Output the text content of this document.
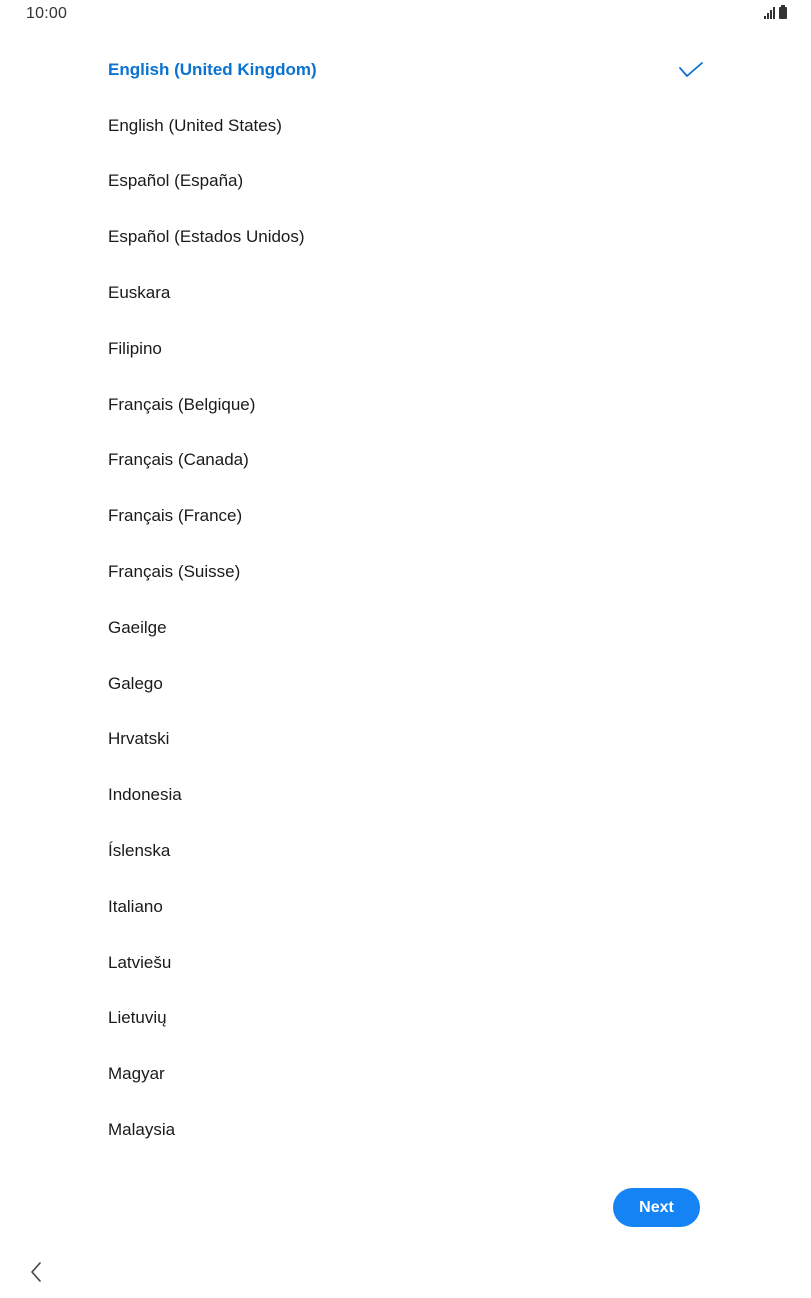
10:00
English (United Kingdom)
English (United States)
Español (España)
Español (Estados Unidos)
Euskara
Filipino
Français (Belgique)
Français (Canada)
Français (France)
Français (Suisse)
Gaeilge
Galego
Hrvatski
Indonesia
Íslenska
Italiano
Latviešu
Lietuvių
Magyar
Malaysia
Next
